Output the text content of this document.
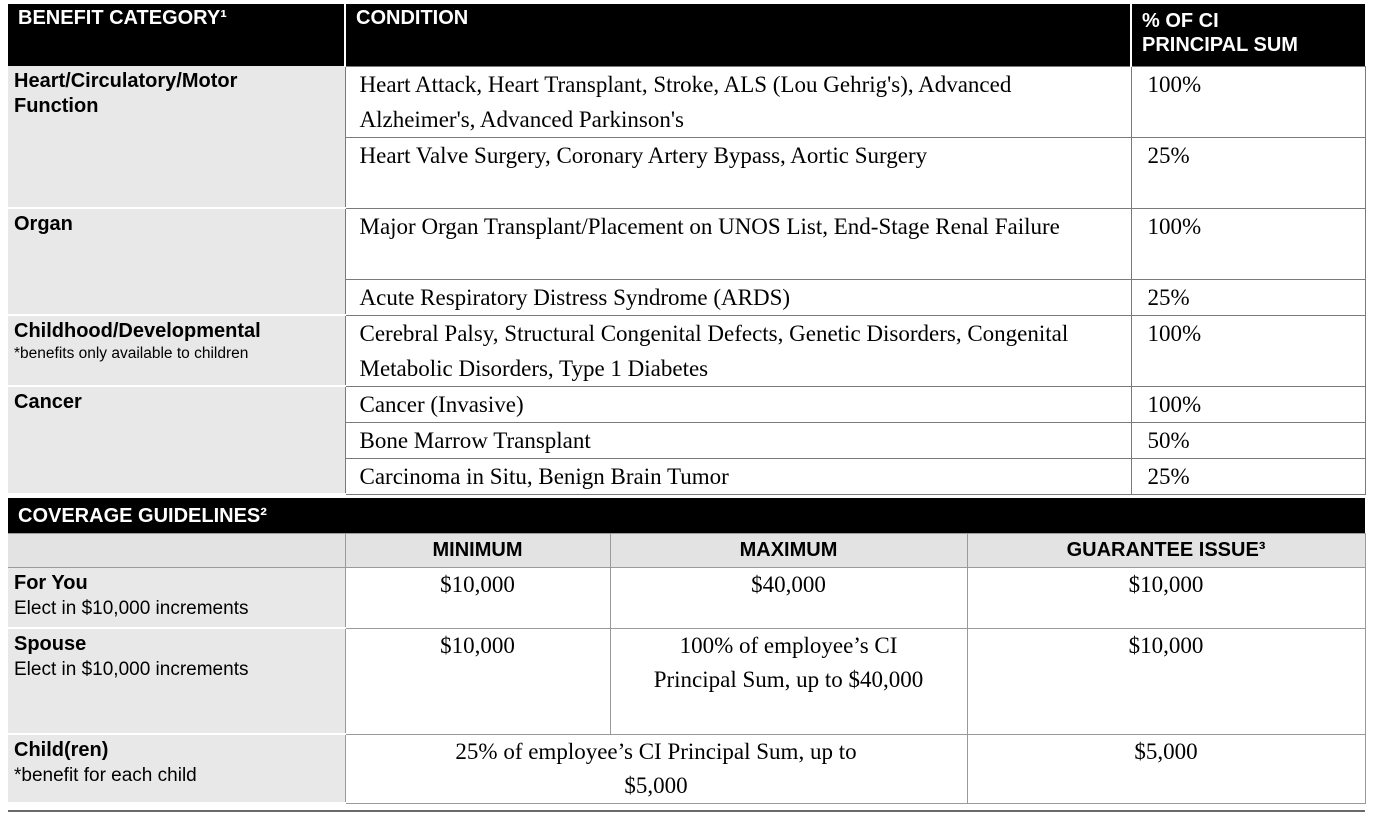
BENEFIT CATEGORY¹	CONDITION	% OF CI
PRINCIPAL SUM

Heart/Circulatory/Motor
Function	Heart Attack, Heart Transplant, Stroke, ALS (Lou Gehrig's), Advanced Alzheimer's, Advanced Parkinson's	100%

	Heart Valve Surgery, Coronary Artery Bypass, Aortic Surgery	25%

Organ	Major Organ Transplant/Placement on UNOS List, End-Stage Renal Failure	100%

	Acute Respiratory Distress Syndrome (ARDS)	25%

Childhood/Developmental
*benefits only available to children	Cerebral Palsy, Structural Congenital Defects, Genetic Disorders, Congenital Metabolic Disorders, Type 1 Diabetes	100%

Cancer	Cancer (Invasive)	100%

	Bone Marrow Transplant	50%

	Carcinoma in Situ, Benign Brain Tumor	25%
COVERAGE GUIDELINES²			
	MINIMUM	MAXIMUM	GUARANTEE ISSUE³

For You
Elect in $10,000 increments	$10,000	$40,000	$10,000

Spouse
Elect in $10,000 increments	$10,000	100% of employee’s CI Principal Sum, up to $40,000	$10,000

Child(ren)
*benefit for each child	25% of employee’s CI Principal Sum, up to $5,000		$5,000
